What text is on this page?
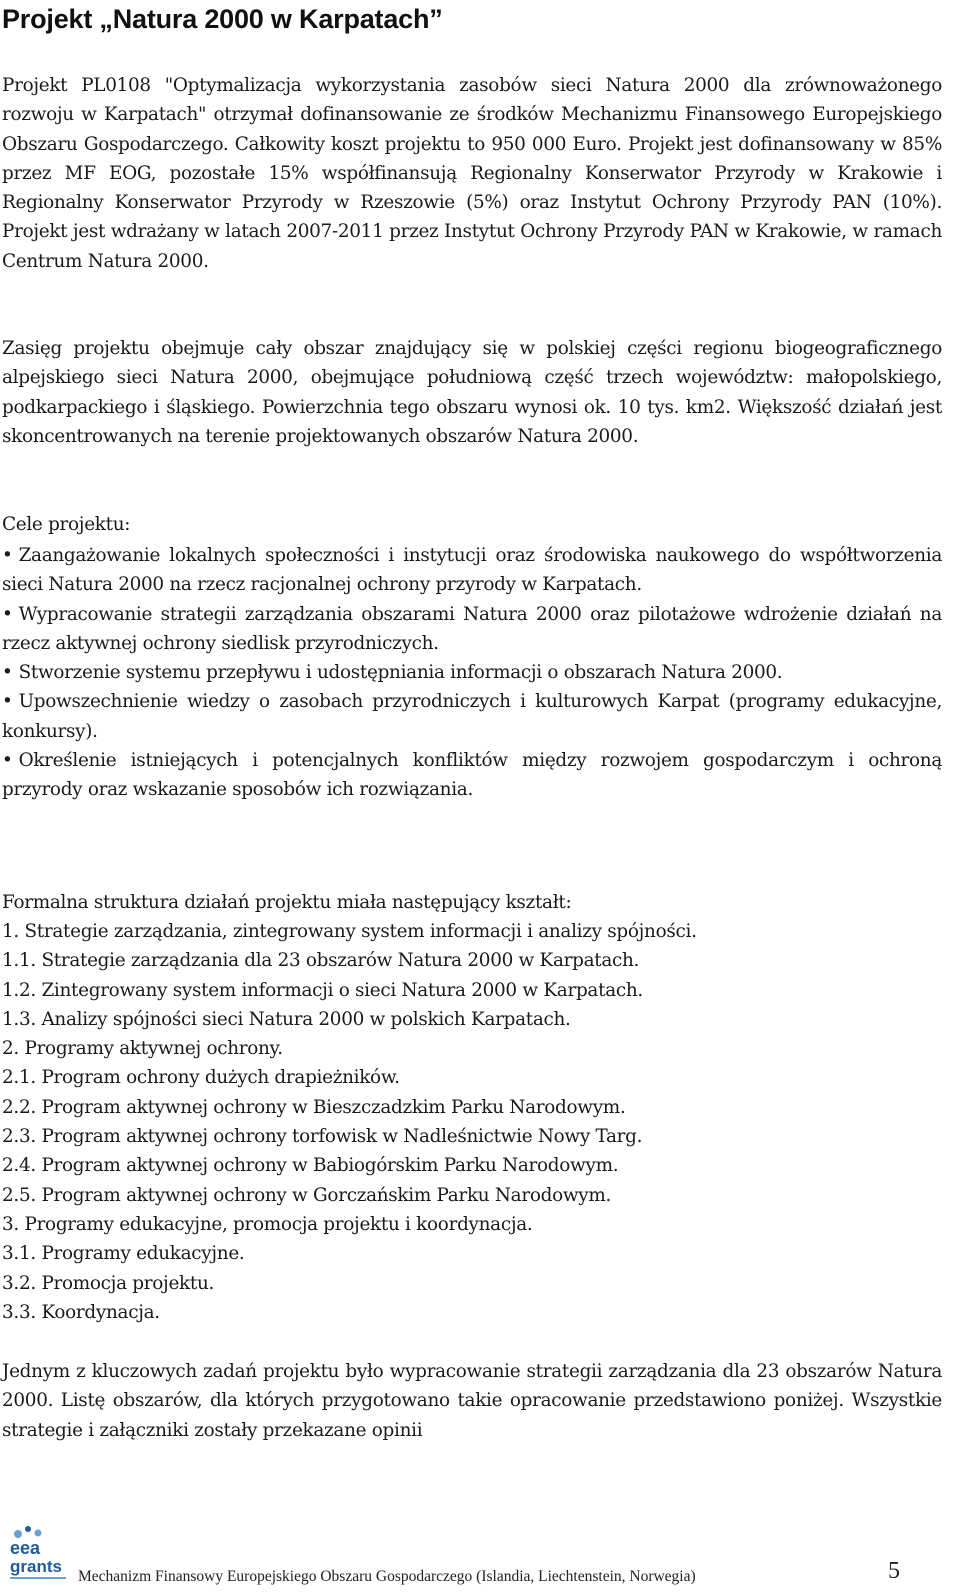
Projekt „Natura 2000 w Karpatach”

Projekt PL0108 "Optymalizacja wykorzystania zasobów sieci Natura 2000 dla zrównoważonego rozwoju w Karpatach" otrzymał dofinansowanie ze środków Mechanizmu Finansowego Europejskiego Obszaru Gospodarczego. Całkowity koszt projektu to 950 000 Euro. Projekt jest dofinansowany w 85% przez MF EOG, pozostałe 15% współfinansują Regionalny Konserwator Przyrody w Krakowie i Regionalny Konserwator Przyrody w Rzeszowie (5%) oraz Instytut Ochrony Przyrody PAN (10%). Projekt jest wdrażany w latach 2007-2011 przez Instytut Ochrony Przyrody PAN w Krakowie, w ramach Centrum Natura 2000.

Zasięg projektu obejmuje cały obszar znajdujący się w polskiej części regionu biogeograficznego alpejskiego sieci Natura 2000, obejmujące południową część trzech województw: małopolskiego, podkarpackiego i śląskiego. Powierzchnia tego obszaru wynosi ok. 10 tys. km2. Większość działań jest skoncentrowanych na terenie projektowanych obszarów Natura 2000.

Cele projektu:

• Zaangażowanie lokalnych społeczności i instytucji oraz środowiska naukowego do współtworzenia sieci Natura 2000 na rzecz racjonalnej ochrony przyrody w Karpatach.
• Wypracowanie strategii zarządzania obszarami Natura 2000 oraz pilotażowe wdrożenie działań na rzecz aktywnej ochrony siedlisk przyrodniczych.
• Stworzenie systemu przepływu i udostępniania informacji o obszarach Natura 2000.
• Upowszechnienie wiedzy o zasobach przyrodniczych i kulturowych Karpat (programy edukacyjne, konkursy).
• Określenie istniejących i potencjalnych konfliktów między rozwojem gospodarczym i ochroną przyrody oraz wskazanie sposobów ich rozwiązania.

Formalna struktura działań projektu miała następujący kształt:

1. Strategie zarządzania, zintegrowany system informacji i analizy spójności.
1.1. Strategie zarządzania dla 23 obszarów Natura 2000 w Karpatach.
1.2. Zintegrowany system informacji o sieci Natura 2000 w Karpatach.
1.3. Analizy spójności sieci Natura 2000 w polskich Karpatach.
2. Programy aktywnej ochrony.
2.1. Program ochrony dużych drapieżników.
2.2. Program aktywnej ochrony w Bieszczadzkim Parku Narodowym.
2.3. Program aktywnej ochrony torfowisk w Nadleśnictwie Nowy Targ.
2.4. Program aktywnej ochrony w Babiogórskim Parku Narodowym.
2.5. Program aktywnej ochrony w Gorczańskim Parku Narodowym.
3. Programy edukacyjne, promocja projektu i koordynacja.
3.1. Programy edukacyjne.
3.2. Promocja projektu.
3.3. Koordynacja.

Jednym z kluczowych zadań projektu było wypracowanie strategii zarządzania dla 23 obszarów Natura 2000. Listę obszarów, dla których przygotowano takie opracowanie przedstawiono poniżej. Wszystkie strategie i załączniki zostały przekazane opinii

eea
grants
Mechanizm Finansowy Europejskiego Obszaru Gospodarczego (Islandia, Liechtenstein, Norwegia)	5
